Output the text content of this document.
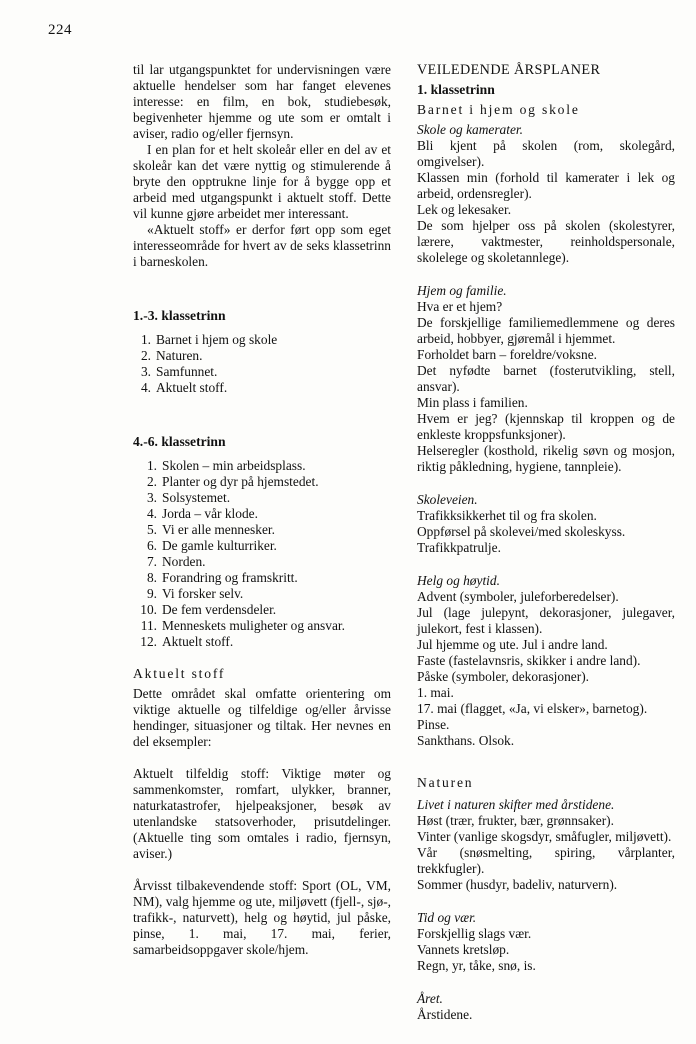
224

til lar utgangspunktet for undervisningen være aktuelle hendelser som har fanget elevenes interesse: en film, en bok, studiebesøk, begivenheter hjemme og ute som er omtalt i aviser, radio og/eller fjernsyn.

I en plan for et helt skoleår eller en del av et skoleår kan det være nyttig og stimulerende å bryte den opptrukne linje for å bygge opp et arbeid med utgangspunkt i aktuelt stoff. Dette vil kunne gjøre arbeidet mer interessant.

«Aktuelt stoff» er derfor ført opp som eget interesseområde for hvert av de seks klassetrinn i barneskolen.

1.-3. klassetrinn
1. Barnet i hjem og skole
2. Naturen.
3. Samfunnet.
4. Aktuelt stoff.
4.-6. klassetrinn
1. Skolen – min arbeidsplass.
2. Planter og dyr på hjemstedet.
3. Solsystemet.
4. Jorda – vår klode.
5. Vi er alle mennesker.
6. De gamle kulturriker.
7. Norden.
8. Forandring og framskritt.
9. Vi forsker selv.
10. De fem verdensdeler.
11. Menneskets muligheter og ansvar.
12. Aktuelt stoff.
Aktuelt stoff

Dette området skal omfatte orientering om viktige aktuelle og tilfeldige og/eller årvisse hendinger, situasjoner og tiltak. Her nevnes en del eksempler:

Aktuelt tilfeldig stoff: Viktige møter og sammenkomster, romfart, ulykker, branner, naturkatastrofer, hjelpeaksjoner, besøk av utenlandske statsoverhoder, prisutdelinger. (Aktuelle ting som omtales i radio, fjernsyn, aviser.)

Årvisst tilbakevendende stoff: Sport (OL, VM, NM), valg hjemme og ute, miljøvett (fjell-, sjø-, trafikk-, naturvett), helg og høytid, jul påske, pinse, 1. mai, 17. mai, ferier, samarbeidsoppgaver skole/hjem.

VEILEDENDE ÅRSPLANER
1. klassetrinn
Barnet i hjem og skole
Skole og kamerater.
Bli kjent på skolen (rom, skolegård, omgivelser).
Klassen min (forhold til kamerater i lek og arbeid, ordensregler).
Lek og lekesaker.
De som hjelper oss på skolen (skolestyrer, lærere, vaktmester, reinholdspersonale, skolelege og skoletannlege).
Hjem og familie.
Hva er et hjem?
De forskjellige familiemedlemmene og deres arbeid, hobbyer, gjøremål i hjemmet.
Forholdet barn – foreldre/voksne.
Det nyfødte barnet (fosterutvikling, stell, ansvar).
Min plass i familien.
Hvem er jeg? (kjennskap til kroppen og de enkleste kroppsfunksjoner).
Helseregler (kosthold, rikelig søvn og mosjon, riktig påkledning, hygiene, tannpleie).
Skoleveien.
Trafikksikkerhet til og fra skolen.
Oppførsel på skolevei/med skoleskyss.
Trafikkpatrulje.
Helg og høytid.
Advent (symboler, juleforberedelser).
Jul (lage julepynt, dekorasjoner, julegaver, julekort, fest i klassen).
Jul hjemme og ute. Jul i andre land.
Faste (fastelavnsris, skikker i andre land).
Påske (symboler, dekorasjoner).
1. mai.
17. mai (flagget, «Ja, vi elsker», barnetog).
Pinse.
Sankthans. Olsok.
Naturen
Livet i naturen skifter med årstidene.
Høst (trær, frukter, bær, grønnsaker).
Vinter (vanlige skogsdyr, småfugler, miljøvett).
Vår (snøsmelting, spiring, vårplanter, trekkfugler).
Sommer (husdyr, badeliv, naturvern).
Tid og vær.
Forskjellig slags vær.
Vannets kretsløp.
Regn, yr, tåke, snø, is.
Året.
Årstidene.
